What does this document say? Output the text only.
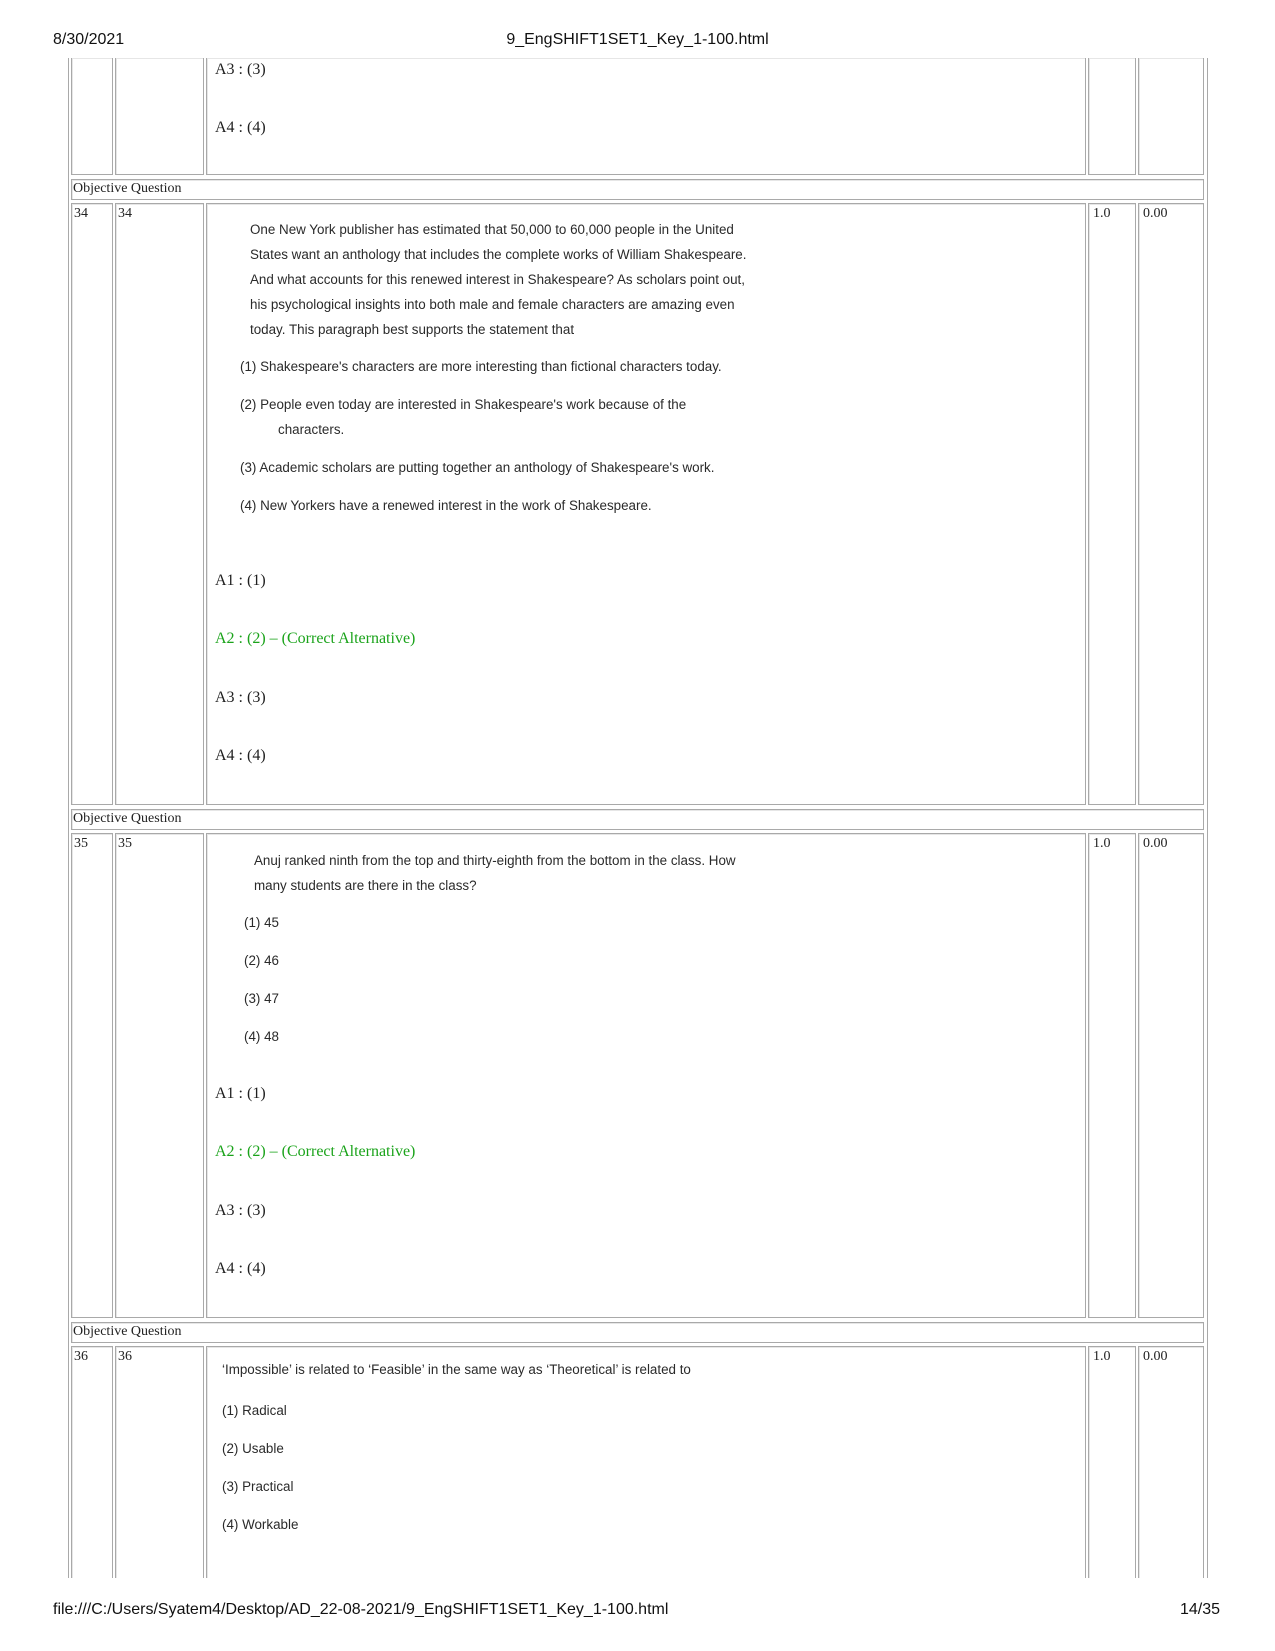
8/30/2021	9_EngSHIFT1SET1_Key_1-100.html
A3 : (3)
A4 : (4)
Objective Question
34 34
One New York publisher has estimated that 50,000 to 60,000 people in the United
States want an anthology that includes the complete works of William Shakespeare.
And what accounts for this renewed interest in Shakespeare? As scholars point out,
his psychological insights into both male and female characters are amazing even
today. This paragraph best supports the statement that
(1) Shakespeare's characters are more interesting than fictional characters today.
(2) People even today are interested in Shakespeare's work because of the
characters.
(3) Academic scholars are putting together an anthology of Shakespeare's work.
(4) New Yorkers have a renewed interest in the work of Shakespeare.
A1 : (1)
A2 : (2) – (Correct Alternative)
A3 : (3)
A4 : (4)
1.0 0.00
Objective Question
35 35
Anuj ranked ninth from the top and thirty-eighth from the bottom in the class. How
many students are there in the class?
(1) 45
(2) 46
(3) 47
(4) 48
A1 : (1)
A2 : (2) – (Correct Alternative)
A3 : (3)
A4 : (4)
1.0 0.00
Objective Question
36 36
‘Impossible’ is related to ‘Feasible’ in the same way as ‘Theoretical’ is related to
(1) Radical
(2) Usable
(3) Practical
(4) Workable
1.0 0.00
file:///C:/Users/Syatem4/Desktop/AD_22-08-2021/9_EngSHIFT1SET1_Key_1-100.html	14/35
